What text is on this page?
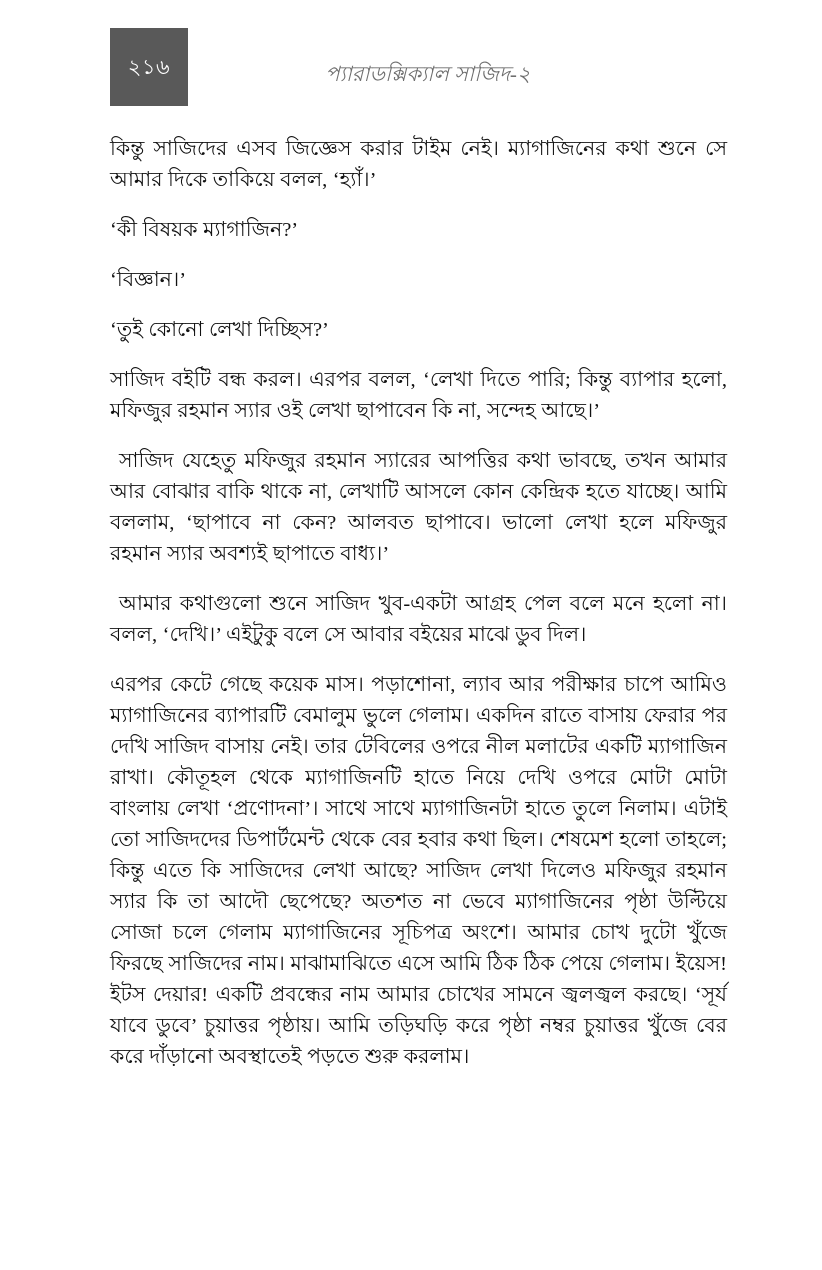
২১৬	প্যারাডক্সিক্যাল সাজিদ-২

কিন্তু সাজিদের এসব জিজ্ঞেস করার টাইম নেই। ম্যাগাজিনের কথা শুনে সে আমার দিকে তাকিয়ে বলল, ‘হ্যাঁ।’

‘কী বিষয়ক ম্যাগাজিন?’

‘বিজ্ঞান।’

‘তুই কোনো লেখা দিচ্ছিস?’

সাজিদ বইটি বন্ধ করল। এরপর বলল, ‘লেখা দিতে পারি; কিন্তু ব্যাপার হলো, মফিজুর রহমান স্যার ওই লেখা ছাপাবেন কি না, সন্দেহ আছে।’

সাজিদ যেহেতু মফিজুর রহমান স্যারের আপত্তির কথা ভাবছে, তখন আমার আর বোঝার বাকি থাকে না, লেখাটি আসলে কোন কেন্দ্রিক হতে যাচ্ছে। আমি বললাম, ‘ছাপাবে না কেন? আলবত ছাপাবে। ভালো লেখা হলে মফিজুর রহমান স্যার অবশ্যই ছাপাতে বাধ্য।’

আমার কথাগুলো শুনে সাজিদ খুব-একটা আগ্রহ পেল বলে মনে হলো না। বলল, ‘দেখি।’ এইটুকু বলে সে আবার বইয়ের মাঝে ডুব দিল।

এরপর কেটে গেছে কয়েক মাস। পড়াশোনা, ল্যাব আর পরীক্ষার চাপে আমিও ম্যাগাজিনের ব্যাপারটি বেমালুম ভুলে গেলাম। একদিন রাতে বাসায় ফেরার পর দেখি সাজিদ বাসায় নেই। তার টেবিলের ওপরে নীল মলাটের একটি ম্যাগাজিন রাখা। কৌতূহল থেকে ম্যাগাজিনটি হাতে নিয়ে দেখি ওপরে মোটা মোটা বাংলায় লেখা ‘প্রণোদনা’। সাথে সাথে ম্যাগাজিনটা হাতে তুলে নিলাম। এটাই তো সাজিদদের ডিপার্টমেন্ট থেকে বের হবার কথা ছিল। শেষমেশ হলো তাহলে; কিন্তু এতে কি সাজিদের লেখা আছে? সাজিদ লেখা দিলেও মফিজুর রহমান স্যার কি তা আদৌ ছেপেছে? অতশত না ভেবে ম্যাগাজিনের পৃষ্ঠা উল্টিয়ে সোজা চলে গেলাম ম্যাগাজিনের সূচিপত্র অংশে। আমার চোখ দুটো খুঁজে ফিরছে সাজিদের নাম। মাঝামাঝিতে এসে আমি ঠিক ঠিক পেয়ে গেলাম। ইয়েস! ইটস দেয়ার! একটি প্রবন্ধের নাম আমার চোখের সামনে জ্বলজ্বল করছে। ‘সূর্য যাবে ডুবে’ চুয়াত্তর পৃষ্ঠায়। আমি তড়িঘড়ি করে পৃষ্ঠা নম্বর চুয়াত্তর খুঁজে বের করে দাঁড়ানো অবস্থাতেই পড়তে শুরু করলাম।
